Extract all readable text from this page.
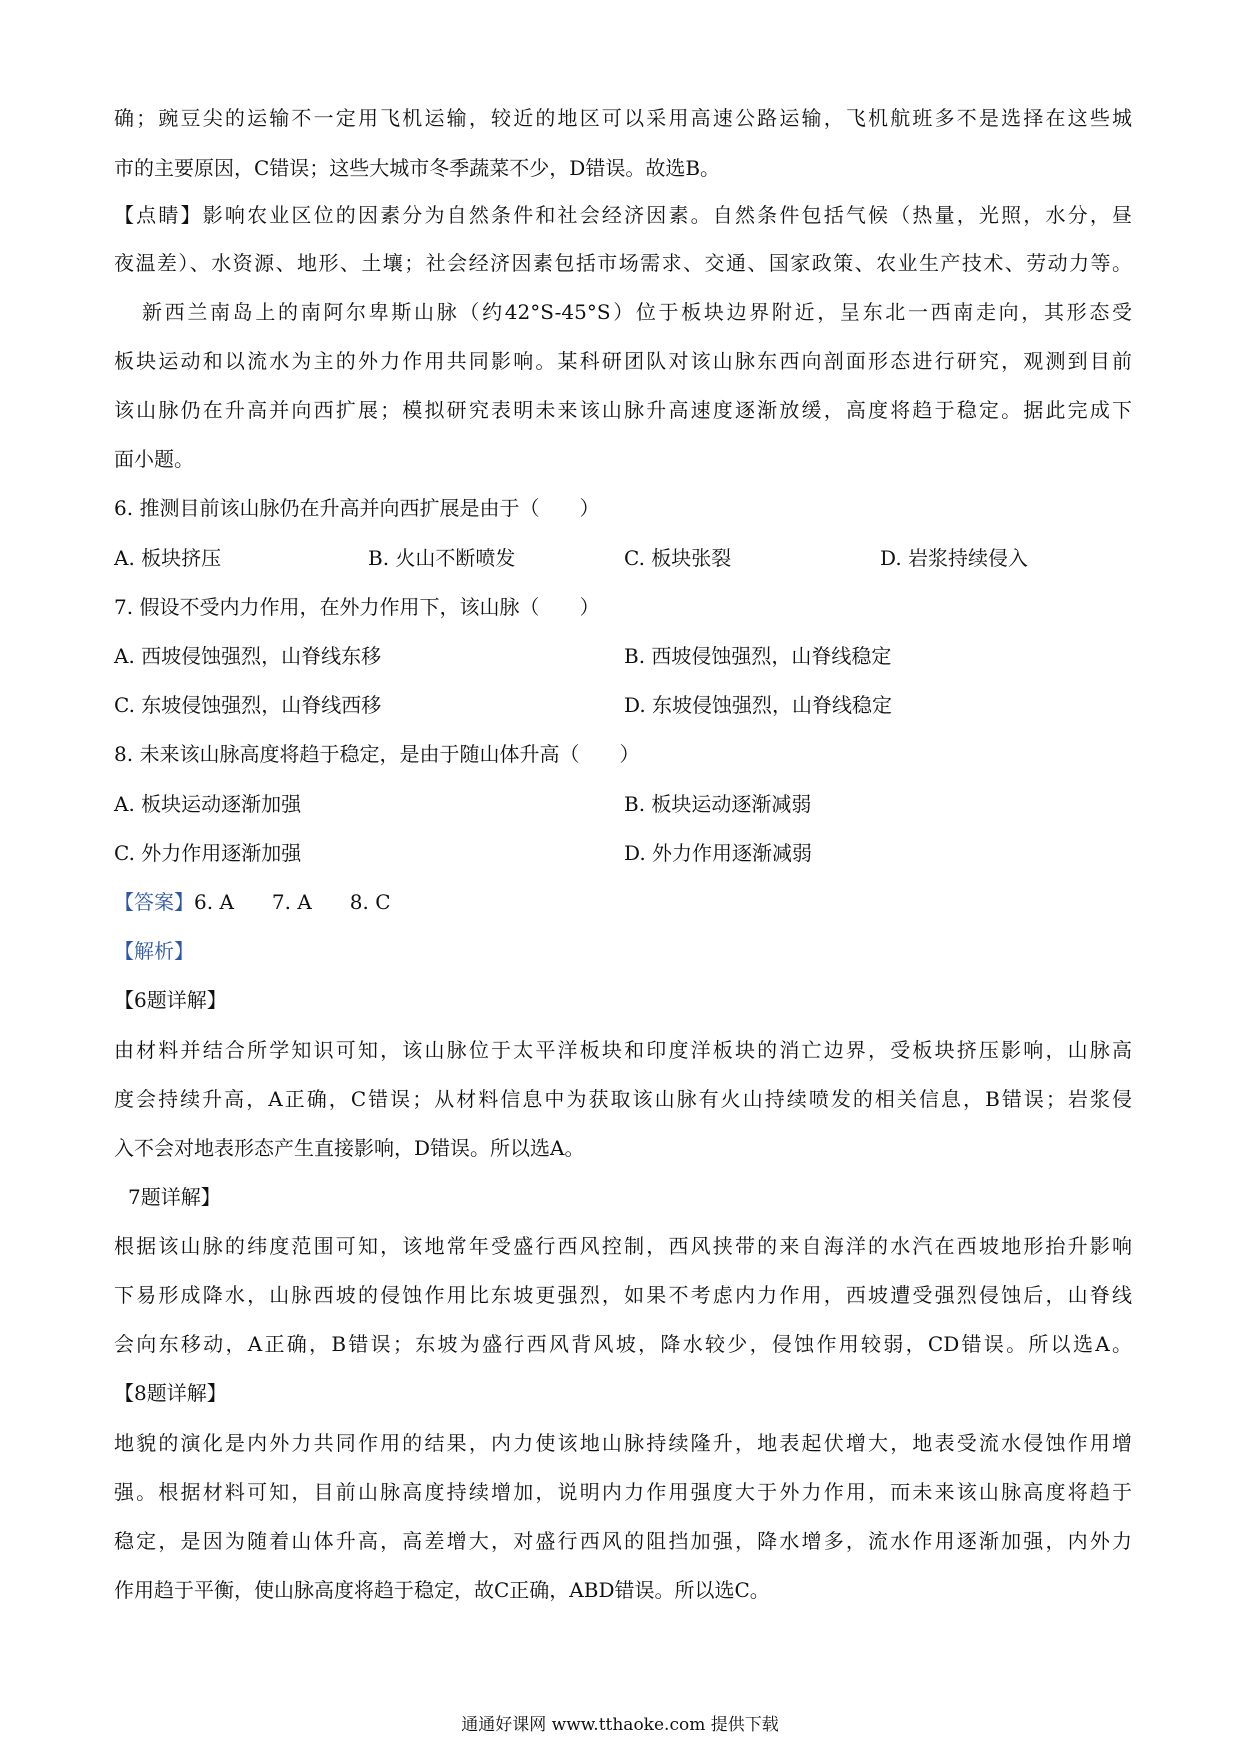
确；豌豆尖的运输不一定用飞机运输，较近的地区可以采用高速公路运输，飞机航班多不是选择在这些城
市的主要原因，C错误；这些大城市冬季蔬菜不少，D错误。故选B。
【点睛】影响农业区位的因素分为自然条件和社会经济因素。自然条件包括气候（热量，光照，水分，昼
夜温差）、水资源、地形、土壤；社会经济因素包括市场需求、交通、国家政策、农业生产技术、劳动力等。
新西兰南岛上的南阿尔卑斯山脉（约42°S-45°S）位于板块边界附近，呈东北一西南走向，其形态受
板块运动和以流水为主的外力作用共同影响。某科研团队对该山脉东西向剖面形态进行研究，观测到目前
该山脉仍在升高并向西扩展；模拟研究表明未来该山脉升高速度逐渐放缓，高度将趋于稳定。据此完成下
面小题。
6. 推测目前该山脉仍在升高并向西扩展是由于（　　）
A. 板块挤压	B. 火山不断喷发	C. 板块张裂	D. 岩浆持续侵入
7. 假设不受内力作用，在外力作用下，该山脉（　　）
A. 西坡侵蚀强烈，山脊线东移	B. 西坡侵蚀强烈，山脊线稳定
C. 东坡侵蚀强烈，山脊线西移	D. 东坡侵蚀强烈，山脊线稳定
8. 未来该山脉高度将趋于稳定，是由于随山体升高（　　）
A. 板块运动逐渐加强	B. 板块运动逐渐减弱
C. 外力作用逐渐加强	D. 外力作用逐渐减弱
【答案】6. A 7. A 8. C
【解析】
【6题详解】
由材料并结合所学知识可知，该山脉位于太平洋板块和印度洋板块的消亡边界，受板块挤压影响，山脉高
度会持续升高，A正确，C错误；从材料信息中为获取该山脉有火山持续喷发的相关信息，B错误；岩浆侵
入不会对地表形态产生直接影响，D错误。所以选A。
7题详解】
根据该山脉的纬度范围可知，该地常年受盛行西风控制，西风挟带的来自海洋的水汽在西坡地形抬升影响
下易形成降水，山脉西坡的侵蚀作用比东坡更强烈，如果不考虑内力作用，西坡遭受强烈侵蚀后，山脊线
会向东移动，A正确，B错误；东坡为盛行西风背风坡，降水较少，侵蚀作用较弱，CD错误。所以选A。
【8题详解】
地貌的演化是内外力共同作用的结果，内力使该地山脉持续隆升，地表起伏增大，地表受流水侵蚀作用增
强。根据材料可知，目前山脉高度持续增加，说明内力作用强度大于外力作用，而未来该山脉高度将趋于
稳定，是因为随着山体升高，高差增大，对盛行西风的阻挡加强，降水增多，流水作用逐渐加强，内外力
作用趋于平衡，使山脉高度将趋于稳定，故C正确，ABD错误。所以选C。
通通好课网 www.tthaoke.com 提供下载
